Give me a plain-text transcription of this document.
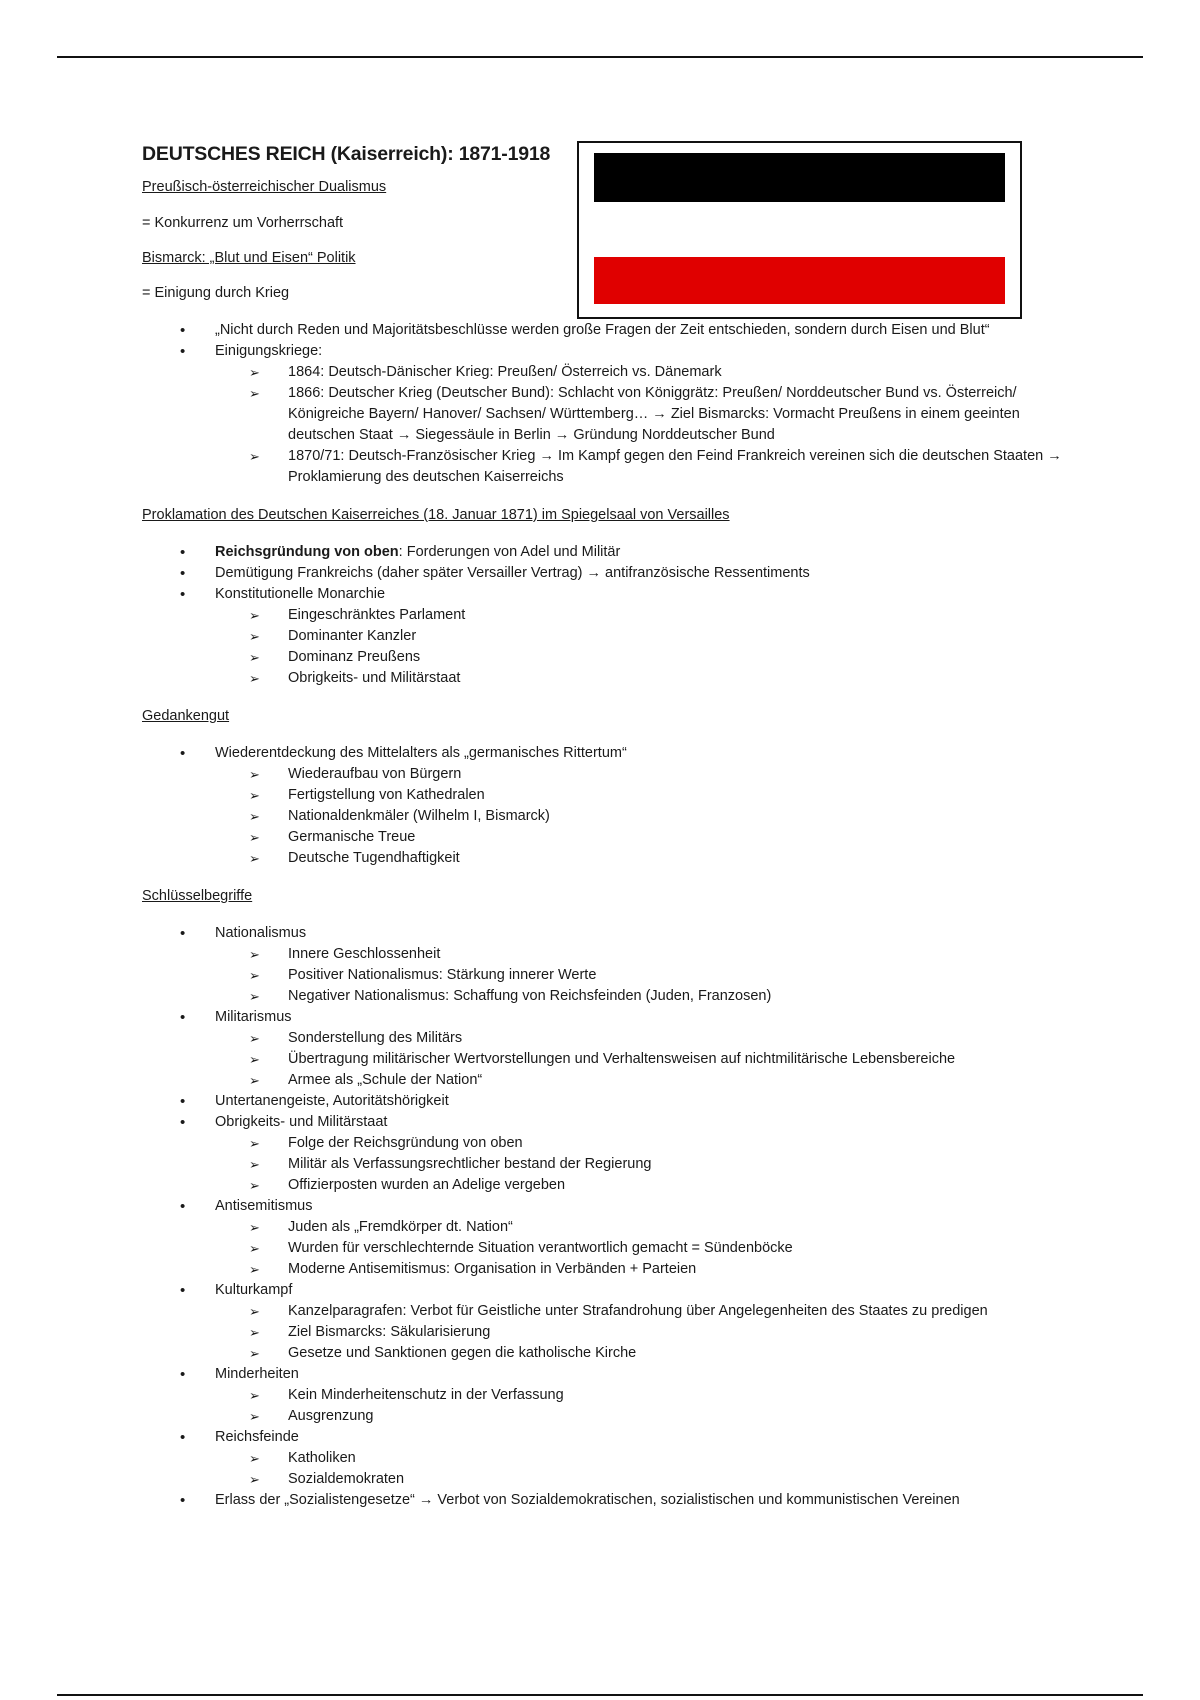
DEUTSCHES REICH (Kaiserreich): 1871-1918
Preußisch-österreichischer Dualismus
= Konkurrenz um Vorherrschaft
Bismarck: „Blut und Eisen“ Politik
= Einigung durch Krieg
• „Nicht durch Reden und Majoritätsbeschlüsse werden große Fragen der Zeit entschieden, sondern durch Eisen und Blut“
• Einigungskriege:
➢ 1864: Deutsch-Dänischer Krieg: Preußen/ Österreich vs. Dänemark
➢ 1866: Deutscher Krieg (Deutscher Bund): Schlacht von Königgrätz: Preußen/ Norddeutscher Bund vs. Österreich/ Königreiche Bayern/ Hanover/ Sachsen/ Württemberg… → Ziel Bismarcks: Vormacht Preußens in einem geeinten deutschen Staat → Siegessäule in Berlin → Gründung Norddeutscher Bund
➢ 1870/71: Deutsch-Französischer Krieg → Im Kampf gegen den Feind Frankreich vereinen sich die deutschen Staaten → Proklamierung des deutschen Kaiserreichs
Proklamation des Deutschen Kaiserreiches (18. Januar 1871) im Spiegelsaal von Versailles
• Reichsgründung von oben: Forderungen von Adel und Militär
• Demütigung Frankreichs (daher später Versailler Vertrag) → antifranzösische Ressentiments
• Konstitutionelle Monarchie
➢ Eingeschränktes Parlament
➢ Dominanter Kanzler
➢ Dominanz Preußens
➢ Obrigkeits- und Militärstaat
Gedankengut
• Wiederentdeckung des Mittelalters als „germanisches Rittertum“
➢ Wiederaufbau von Bürgern
➢ Fertigstellung von Kathedralen
➢ Nationaldenkmäler (Wilhelm I, Bismarck)
➢ Germanische Treue
➢ Deutsche Tugendhaftigkeit
Schlüsselbegriffe
• Nationalismus
➢ Innere Geschlossenheit
➢ Positiver Nationalismus: Stärkung innerer Werte
➢ Negativer Nationalismus: Schaffung von Reichsfeinden (Juden, Franzosen)
• Militarismus
➢ Sonderstellung des Militärs
➢ Übertragung militärischer Wertvorstellungen und Verhaltensweisen auf nichtmilitärische Lebensbereiche
➢ Armee als „Schule der Nation“
• Untertanengeiste, Autoritätshörigkeit
• Obrigkeits- und Militärstaat
➢ Folge der Reichsgründung von oben
➢ Militär als Verfassungsrechtlicher bestand der Regierung
➢ Offizierposten wurden an Adelige vergeben
• Antisemitismus
➢ Juden als „Fremdkörper dt. Nation“
➢ Wurden für verschlechternde Situation verantwortlich gemacht = Sündenböcke
➢ Moderne Antisemitismus: Organisation in Verbänden + Parteien
• Kulturkampf
➢ Kanzelparagrafen: Verbot für Geistliche unter Strafandrohung über Angelegenheiten des Staates zu predigen
➢ Ziel Bismarcks: Säkularisierung
➢ Gesetze und Sanktionen gegen die katholische Kirche
• Minderheiten
➢ Kein Minderheitenschutz in der Verfassung
➢ Ausgrenzung
• Reichsfeinde
➢ Katholiken
➢ Sozialdemokraten
• Erlass der „Sozialistengesetze“ → Verbot von Sozialdemokratischen, sozialistischen und kommunistischen Vereinen
